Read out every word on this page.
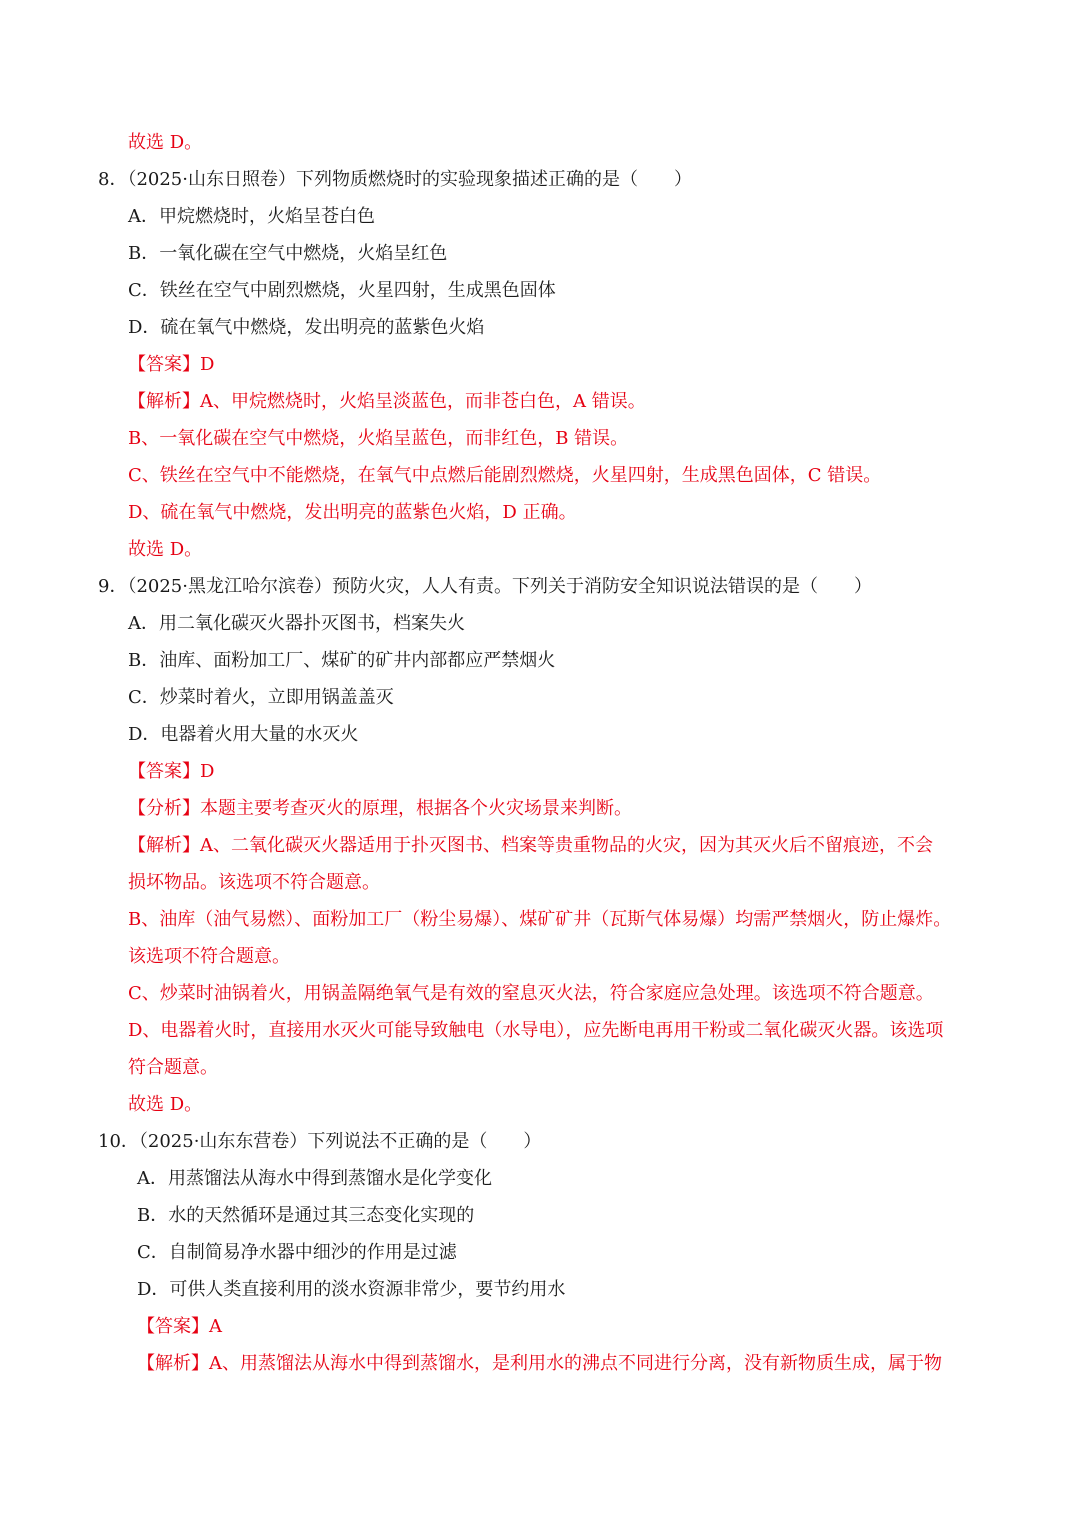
故选 D。
8．（2025·山东日照卷）下列物质燃烧时的实验现象描述正确的是（　　）
A．甲烷燃烧时，火焰呈苍白色
B．一氧化碳在空气中燃烧，火焰呈红色
C．铁丝在空气中剧烈燃烧，火星四射，生成黑色固体
D．硫在氧气中燃烧，发出明亮的蓝紫色火焰
【答案】D
【解析】A、甲烷燃烧时，火焰呈淡蓝色，而非苍白色，A 错误。
B、一氧化碳在空气中燃烧，火焰呈蓝色，而非红色，B 错误。
C、铁丝在空气中不能燃烧，在氧气中点燃后能剧烈燃烧，火星四射，生成黑色固体，C 错误。
D、硫在氧气中燃烧，发出明亮的蓝紫色火焰，D 正确。
故选 D。
9．（2025·黑龙江哈尔滨卷）预防火灾，人人有责。下列关于消防安全知识说法错误的是（　　）
A．用二氧化碳灭火器扑灭图书，档案失火
B．油库、面粉加工厂、煤矿的矿井内部都应严禁烟火
C．炒菜时着火，立即用锅盖盖灭
D．电器着火用大量的水灭火
【答案】D
【分析】本题主要考查灭火的原理，根据各个火灾场景来判断。
【解析】A、二氧化碳灭火器适用于扑灭图书、档案等贵重物品的火灾，因为其灭火后不留痕迹，不会
损坏物品。该选项不符合题意。
B、油库（油气易燃）、面粉加工厂（粉尘易爆）、煤矿矿井（瓦斯气体易爆）均需严禁烟火，防止爆炸。
该选项不符合题意。
C、炒菜时油锅着火，用锅盖隔绝氧气是有效的窒息灭火法，符合家庭应急处理。该选项不符合题意。
D、电器着火时，直接用水灭火可能导致触电（水导电），应先断电再用干粉或二氧化碳灭火器。该选项
符合题意。
故选 D。
10．（2025·山东东营卷）下列说法不正确的是（　　）
A．用蒸馏法从海水中得到蒸馏水是化学变化
B．水的天然循环是通过其三态变化实现的
C．自制简易净水器中细沙的作用是过滤
D．可供人类直接利用的淡水资源非常少，要节约用水
【答案】A
【解析】A、用蒸馏法从海水中得到蒸馏水，是利用水的沸点不同进行分离，没有新物质生成，属于物
